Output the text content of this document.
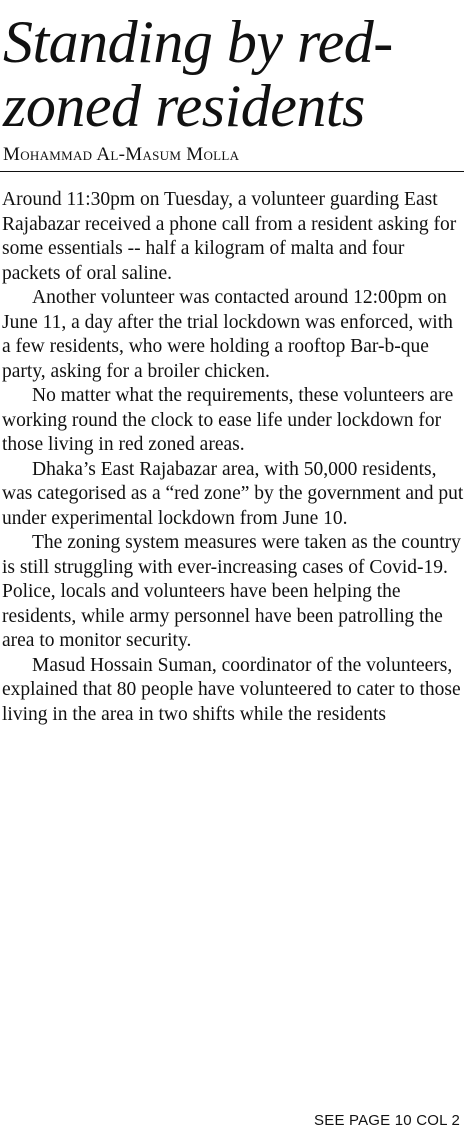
Standing by red-zoned residents
Mohammad Al-Masum Molla

Around 11:30pm on Tuesday, a volunteer guarding East Rajabazar received a phone call from a resident asking for some essentials -- half a kilogram of malta and four packets of oral saline.

Another volunteer was contacted around 12:00pm on June 11, a day after the trial lockdown was enforced, with a few residents, who were holding a rooftop Bar-b-que party, asking for a broiler chicken.

No matter what the requirements, these volunteers are working round the clock to ease life under lockdown for those living in red zoned areas.

Dhaka’s East Rajabazar area, with 50,000 residents, was categorised as a “red zone” by the government and put under experimental lockdown from June 10.

The zoning system measures were taken as the country is still struggling with ever-increasing cases of Covid-19. Police, locals and volunteers have been helping the residents, while army personnel have been patrolling the area to monitor security.

Masud Hossain Suman, coordinator of the volunteers, explained that 80 people have volunteered to cater to those living in the area in two shifts while the residents

SEE PAGE 10 COL 2
